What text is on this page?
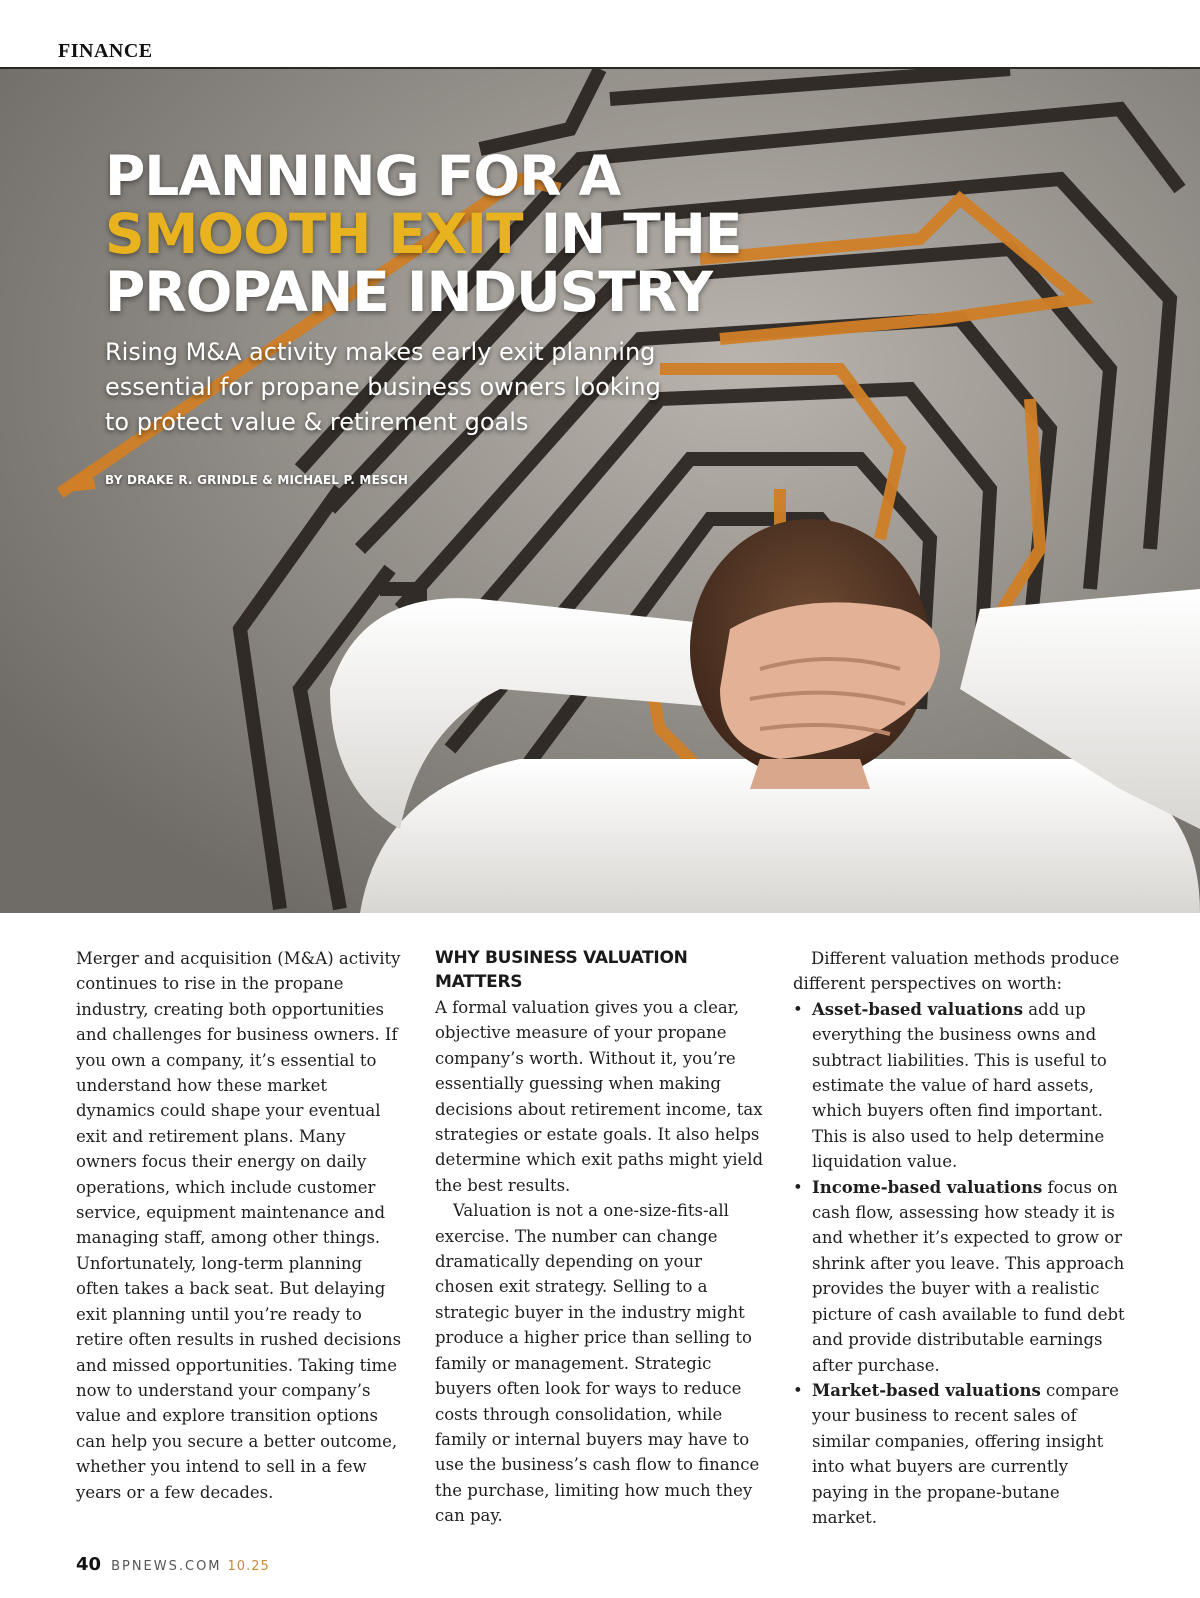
FINANCE
PLANNING FOR A
SMOOTH EXIT IN THE
PROPANE INDUSTRY

Rising M&A activity makes early exit planning essential for propane business owners looking to protect value & retirement goals

BY DRAKE R. GRINDLE & MICHAEL P. MESCH

Merger and acquisition (M&A) activity continues to rise in the propane industry, creating both opportunities and challenges for business owners. If you own a company, it’s essential to understand how these market dynamics could shape your eventual exit and retirement plans. Many owners focus their energy on daily operations, which include customer service, equipment maintenance and managing staff, among other things. Unfortunately, long-term planning often takes a back seat. But delaying exit planning until you’re ready to retire often results in rushed decisions and missed opportunities. Taking time now to understand your company’s value and explore transition options can help you secure a better outcome, whether you intend to sell in a few years or a few decades.

WHY BUSINESS VALUATION MATTERS

A formal valuation gives you a clear, objective measure of your propane company’s worth. Without it, you’re essentially guessing when making decisions about retirement income, tax strategies or estate goals. It also helps determine which exit paths might yield the best results.

Valuation is not a one-size-fits-all exercise. The number can change dramatically depending on your chosen exit strategy. Selling to a strategic buyer in the industry might produce a higher price than selling to family or management. Strategic buyers often look for ways to reduce costs through consolidation, while family or internal buyers may have to use the business’s cash flow to finance the purchase, limiting how much they can pay.

Different valuation methods produce different perspectives on worth:

• Asset-based valuations add up everything the business owns and subtract liabilities. This is useful to estimate the value of hard assets, which buyers often find important. This is also used to help determine liquidation value.
• Income-based valuations focus on cash flow, assessing how steady it is and whether it’s expected to grow or shrink after you leave. This approach provides the buyer with a realistic picture of cash available to fund debt and provide distributable earnings after purchase.
• Market-based valuations compare your business to recent sales of similar companies, offering insight into what buyers are currently paying in the propane-butane market.
40 BPNEWS.COM 10.25
